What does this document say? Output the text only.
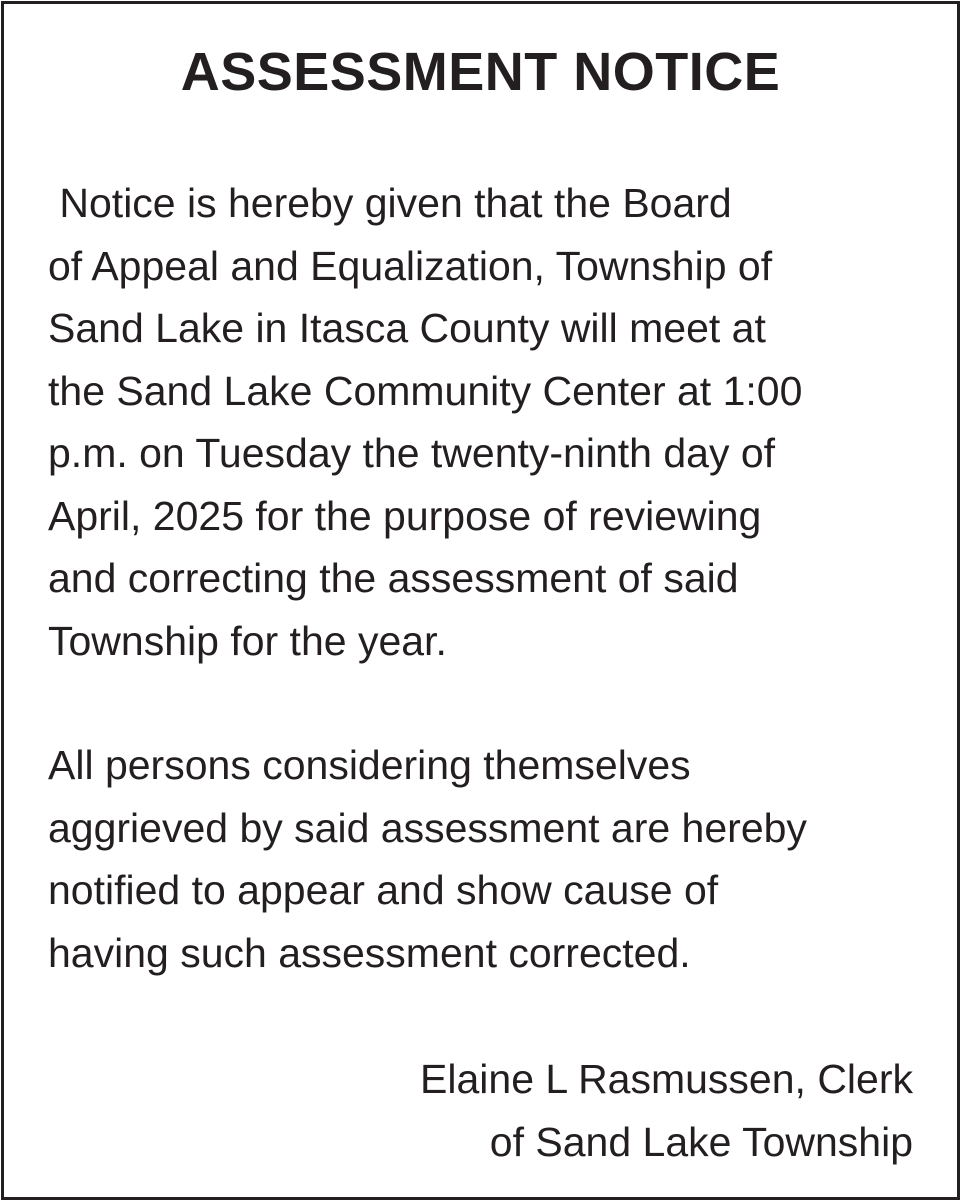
ASSESSMENT NOTICE
Notice is hereby given that the Board
of Appeal and Equalization, Township of
Sand Lake in Itasca County will meet at
the Sand Lake Community Center at 1:00
p.m. on Tuesday the twenty-ninth day of
April, 2025 for the purpose of reviewing
and correcting the assessment of said
Township for the year.
All persons considering themselves
aggrieved by said assessment are hereby
notified to appear and show cause of
having such assessment corrected.
Elaine L Rasmussen, Clerk
of Sand Lake Township
